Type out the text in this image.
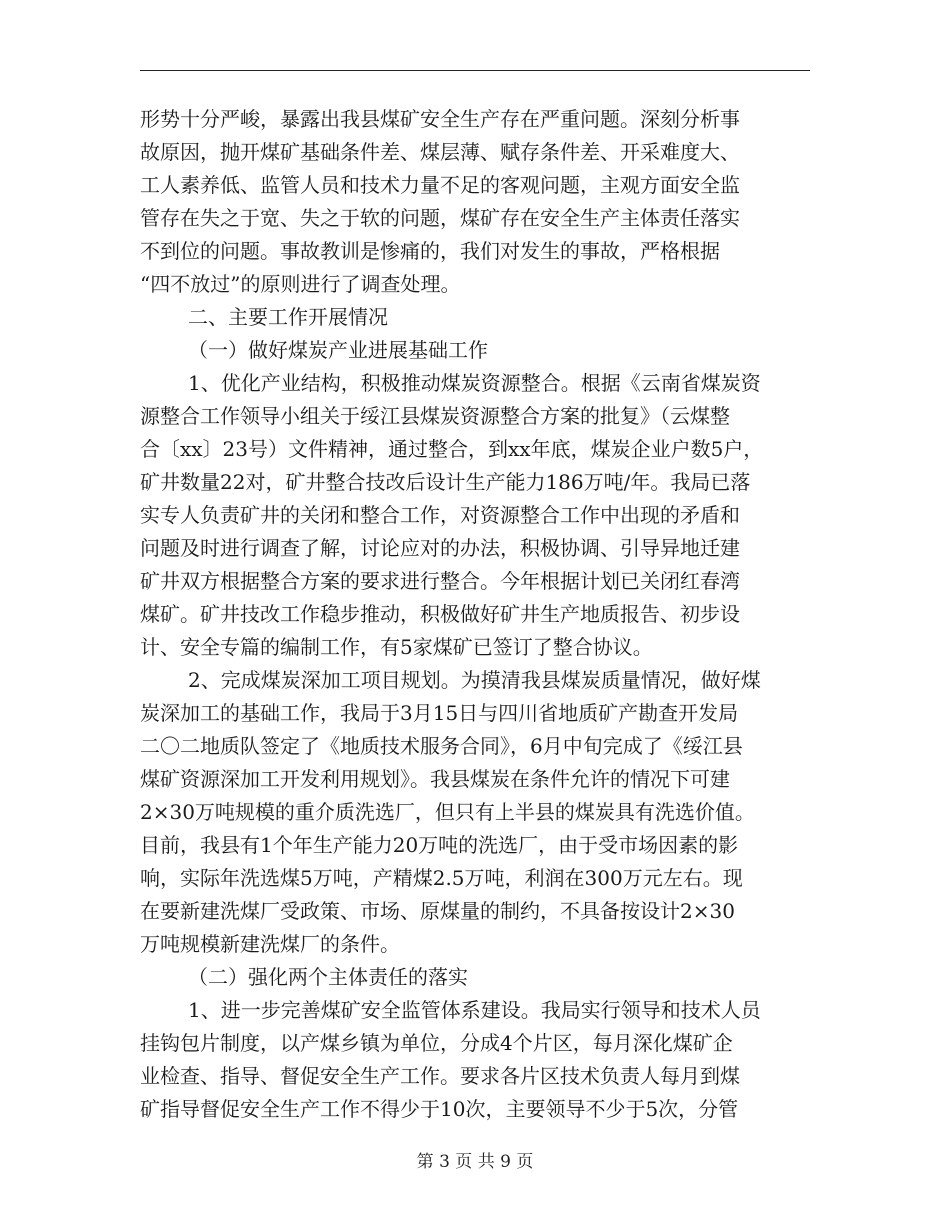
形势十分严峻，暴露出我县煤矿安全生产存在严重问题。深刻分析事
故原因，抛开煤矿基础条件差、煤层薄、赋存条件差、开采难度大、
工人素养低、监管人员和技术力量不足的客观问题，主观方面安全监
管存在失之于宽、失之于软的问题，煤矿存在安全生产主体责任落实
不到位的问题。事故教训是惨痛的，我们对发生的事故，严格根据
“四不放过”的原则进行了调查处理。
二、主要工作开展情况
（一）做好煤炭产业进展基础工作
1、优化产业结构，积极推动煤炭资源整合。根据《云南省煤炭资
源整合工作领导小组关于绥江县煤炭资源整合方案的批复》（云煤整
合〔xx〕23号）文件精神，通过整合，到xx年底，煤炭企业户数5户，
矿井数量22对，矿井整合技改后设计生产能力186万吨/年。我局已落
实专人负责矿井的关闭和整合工作，对资源整合工作中出现的矛盾和
问题及时进行调查了解，讨论应对的办法，积极协调、引导异地迁建
矿井双方根据整合方案的要求进行整合。今年根据计划已关闭红春湾
煤矿。矿井技改工作稳步推动，积极做好矿井生产地质报告、初步设
计、安全专篇的编制工作，有5家煤矿已签订了整合协议。
2、完成煤炭深加工项目规划。为摸清我县煤炭质量情况，做好煤
炭深加工的基础工作，我局于3月15日与四川省地质矿产勘查开发局
二〇二地质队签定了《地质技术服务合同》，6月中旬完成了《绥江县
煤矿资源深加工开发利用规划》。我县煤炭在条件允许的情况下可建
2×30万吨规模的重介质洗选厂，但只有上半县的煤炭具有洗选价值。
目前，我县有1个年生产能力20万吨的洗选厂，由于受市场因素的影
响，实际年洗选煤5万吨，产精煤2.5万吨，利润在300万元左右。现
在要新建洗煤厂受政策、市场、原煤量的制约，不具备按设计2×30
万吨规模新建洗煤厂的条件。
（二）强化两个主体责任的落实
1、进一步完善煤矿安全监管体系建设。我局实行领导和技术人员
挂钩包片制度，以产煤乡镇为单位，分成4个片区，每月深化煤矿企
业检查、指导、督促安全生产工作。要求各片区技术负责人每月到煤
矿指导督促安全生产工作不得少于10次，主要领导不少于5次，分管
第 3 页 共 9 页
